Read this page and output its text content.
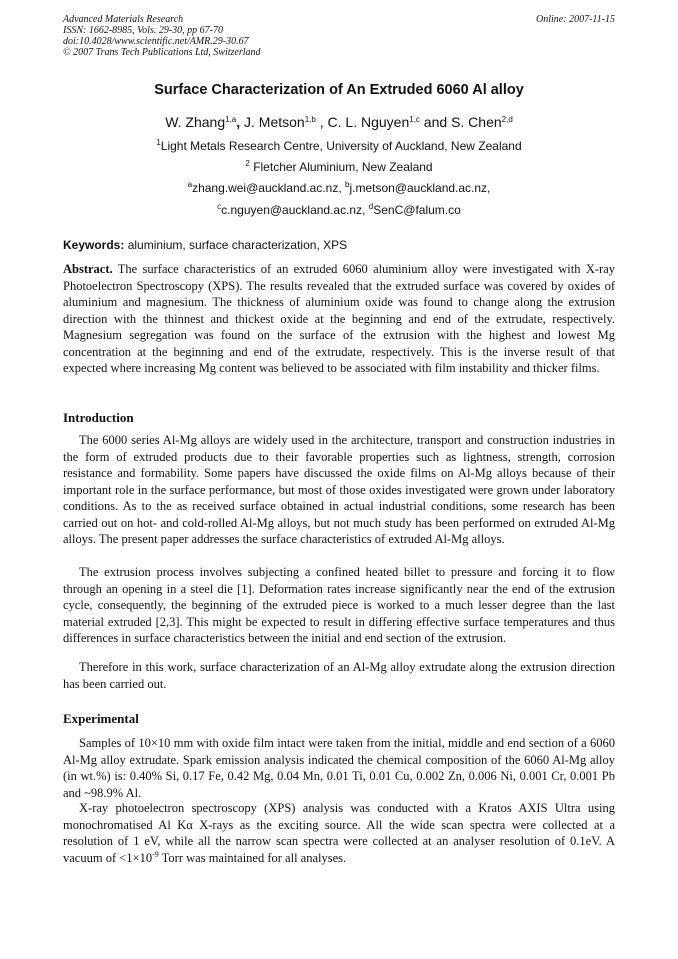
Advanced Materials Research
ISSN: 1662-8985, Vols. 29-30, pp 67-70
doi:10.4028/www.scientific.net/AMR.29-30.67
© 2007 Trans Tech Publications Ltd, Switzerland
Online: 2007-11-15
Surface Characterization of An Extruded 6060 Al alloy
W. Zhang$^{1,a}$, J. Metson$^{1,b}$ , C. L. Nguyen$^{1,c}$ and S. Chen$^{2,d}$
$^1$Light Metals Research Centre, University of Auckland, New Zealand
$^2$ Fletcher Aluminium, New Zealand
$^a$zhang.wei@auckland.ac.nz, $^b$j.metson@auckland.ac.nz,
$^c$c.nguyen@auckland.ac.nz, $^d$SenC@falum.co
Keywords: aluminium, surface characterization, XPS
Abstract. The surface characteristics of an extruded 6060 aluminium alloy were investigated with X-ray Photoelectron Spectroscopy (XPS). The results revealed that the extruded surface was covered by oxides of aluminium and magnesium. The thickness of aluminium oxide was found to change along the extrusion direction with the thinnest and thickest oxide at the beginning and end of the extrudate, respectively. Magnesium segregation was found on the surface of the extrusion with the highest and lowest Mg concentration at the beginning and end of the extrudate, respectively. This is the inverse result of that expected where increasing Mg content was believed to be associated with film instability and thicker films.
Introduction
The 6000 series Al-Mg alloys are widely used in the architecture, transport and construction industries in the form of extruded products due to their favorable properties such as lightness, strength, corrosion resistance and formability. Some papers have discussed the oxide films on Al-Mg alloys because of their important role in the surface performance, but most of those oxides investigated were grown under laboratory conditions. As to the as received surface obtained in actual industrial conditions, some research has been carried out on hot- and cold-rolled Al-Mg alloys, but not much study has been performed on extruded Al-Mg alloys. The present paper addresses the surface characteristics of extruded Al-Mg alloys.
The extrusion process involves subjecting a confined heated billet to pressure and forcing it to flow through an opening in a steel die [1]. Deformation rates increase significantly near the end of the extrusion cycle, consequently, the beginning of the extruded piece is worked to a much lesser degree than the last material extruded [2,3]. This might be expected to result in differing effective surface temperatures and thus differences in surface characteristics between the initial and end section of the extrusion.
Therefore in this work, surface characterization of an Al-Mg alloy extrudate along the extrusion direction has been carried out.
Experimental
Samples of 10×10 mm with oxide film intact were taken from the initial, middle and end section of a 6060 Al-Mg alloy extrudate. Spark emission analysis indicated the chemical composition of the 6060 Al-Mg alloy (in wt.%) is: 0.40% Si, 0.17 Fe, 0.42 Mg, 0.04 Mn, 0.01 Ti, 0.01 Cu, 0.002 Zn, 0.006 Ni, 0.001 Cr, 0.001 Pb and ~98.9% Al.
X-ray photoelectron spectroscopy (XPS) analysis was conducted with a Kratos AXIS Ultra using monochromatised Al Kα X-rays as the exciting source. All the wide scan spectra were collected at a resolution of 1 eV, while all the narrow scan spectra were collected at an analyser resolution of 0.1eV. A vacuum of $<1\times 10^{-9}$ Torr was maintained for all analyses.
